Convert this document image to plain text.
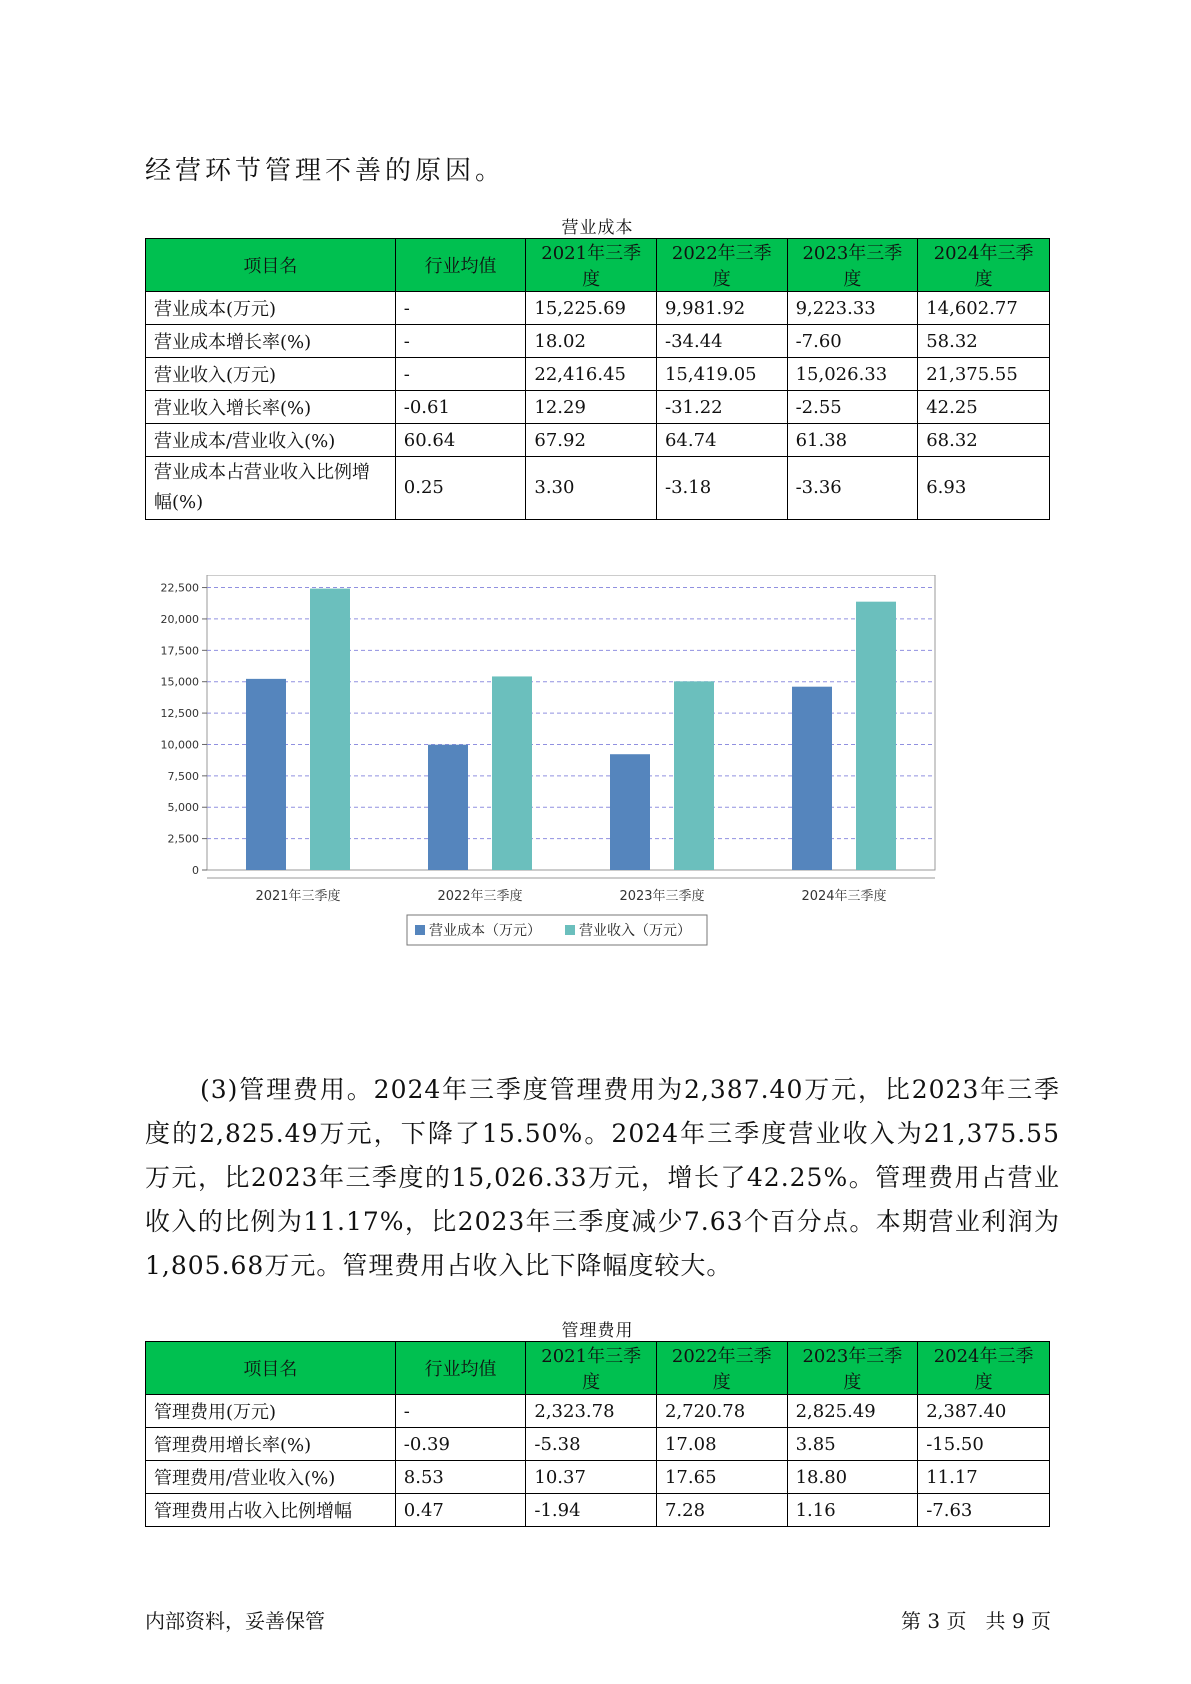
经营环节管理不善的原因。
营业成本
项目名	行业均值	2021年三季度	2022年三季度	2023年三季度	2024年三季度
营业成本(万元)	-	15,225.69	9,981.92	9,223.33	14,602.77
营业成本增长率(%)	-	18.02	-34.44	-7.60	58.32
营业收入(万元)	-	22,416.45	15,419.05	15,026.33	21,375.55
营业收入增长率(%)	-0.61	12.29	-31.22	-2.55	42.25
营业成本/营业收入(%)	60.64	67.92	64.74	61.38	68.32
营业成本占营业收入比例增幅(%)	0.25	3.30	-3.18	-3.36	6.93
0
2,500
5,000
7,500
10,000
12,500
15,000
17,500
20,000
22,500
2021年三季度	2022年三季度	2023年三季度	2024年三季度
营业成本（万元）	营业收入（万元）

(3)管理费用。2024年三季度管理费用为2,387.40万元，比2023年三季度的2,825.49万元，下降了15.50%。2024年三季度营业收入为21,375.55万元，比2023年三季度的15,026.33万元，增长了42.25%。管理费用占营业收入的比例为11.17%，比2023年三季度减少7.63个百分点。本期营业利润为1,805.68万元。管理费用占收入比下降幅度较大。

管理费用
项目名	行业均值	2021年三季度	2022年三季度	2023年三季度	2024年三季度
管理费用(万元)	-	2,323.78	2,720.78	2,825.49	2,387.40
管理费用增长率(%)	-0.39	-5.38	17.08	3.85	-15.50
管理费用/营业收入(%)	8.53	10.37	17.65	18.80	11.17
管理费用占收入比例增幅	0.47	-1.94	7.28	1.16	-7.63
内部资料，妥善保管	第 3 页   共 9 页
